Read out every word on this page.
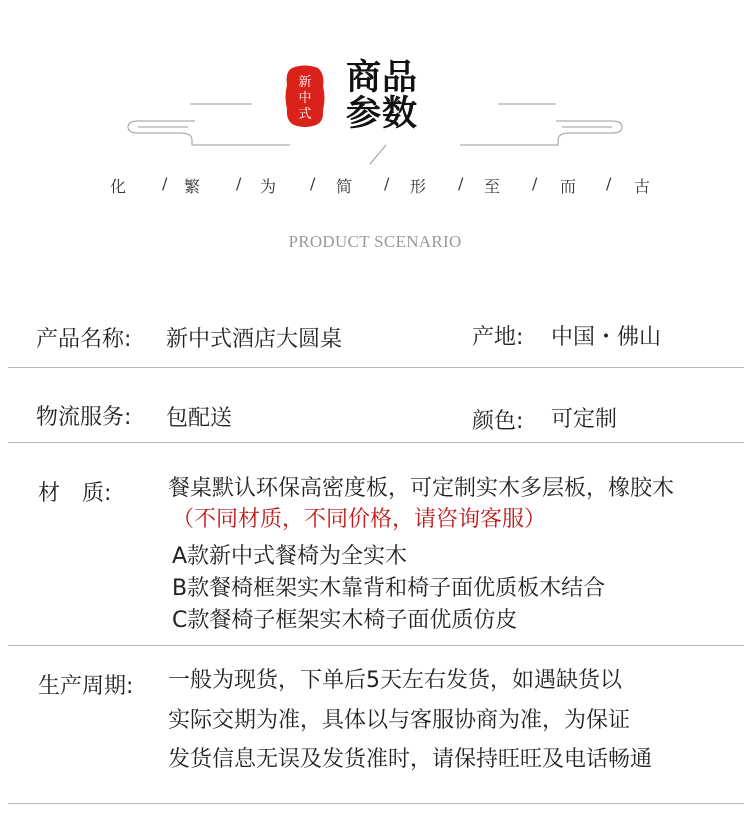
新
中
式
商品
参数
化 / 繁 / 为 / 简 / 形 / 至 / 而 / 古
PRODUCT SCENARIO
产品名称: 新中式酒店大圆桌	产地: 中国・佛山
物流服务: 包配送	颜色: 可定制
材　质:	餐桌默认环保高密度板，可定制实木多层板，橡胶木
（不同材质，不同价格，请咨询客服）
A款新中式餐椅为全实木
B款餐椅框架实木靠背和椅子面优质板木结合
C款餐椅子框架实木椅子面优质仿皮
生产周期: 一般为现货，下单后5天左右发货，如遇缺货以
实际交期为准，具体以与客服协商为准，为保证
发货信息无误及发货准时，请保持旺旺及电话畅通
